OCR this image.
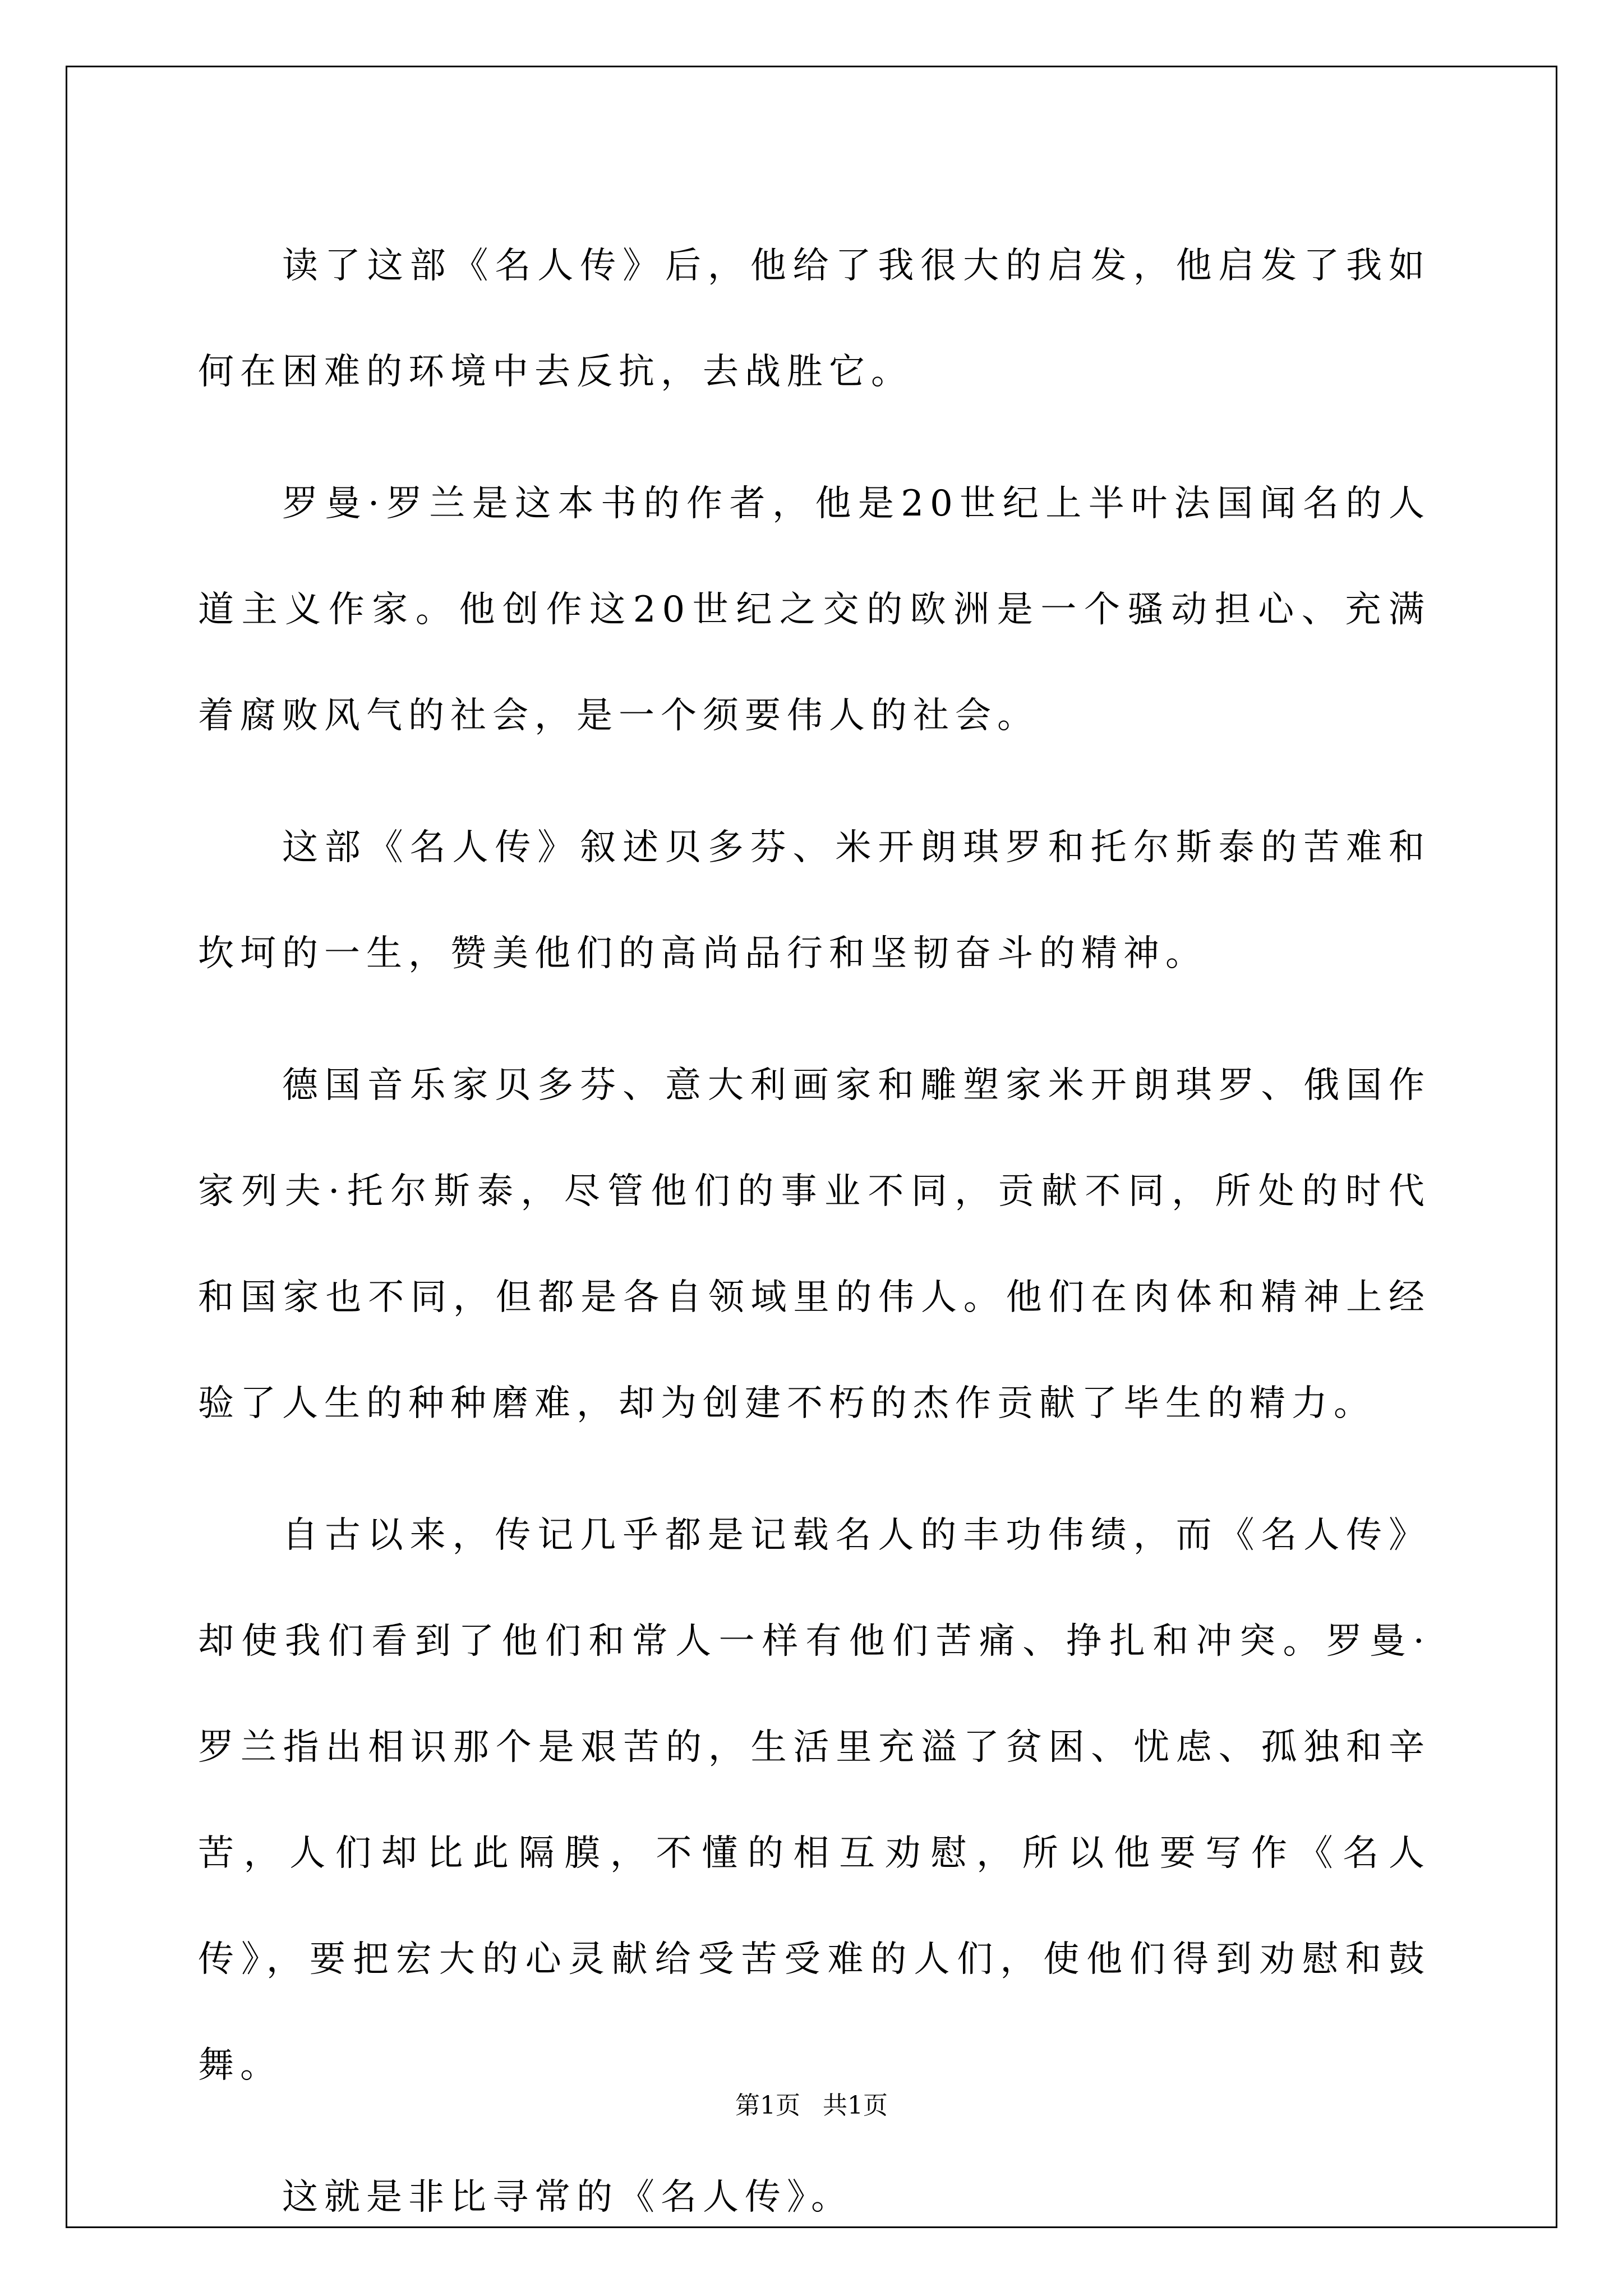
读了这部《名人传》后，他给了我很大的启发，他启发了我如何在困难的环境中去反抗，去战胜它。

罗曼·罗兰是这本书的作者，他是20世纪上半叶法国闻名的人道主义作家。他创作这20世纪之交的欧洲是一个骚动担心、充满着腐败风气的社会，是一个须要伟人的社会。

这部《名人传》叙述贝多芬、米开朗琪罗和托尔斯泰的苦难和坎坷的一生，赞美他们的高尚品行和坚韧奋斗的精神。

德国音乐家贝多芬、意大利画家和雕塑家米开朗琪罗、俄国作家列夫·托尔斯泰，尽管他们的事业不同，贡献不同，所处的时代和国家也不同，但都是各自领域里的伟人。他们在肉体和精神上经验了人生的种种磨难，却为创建不朽的杰作贡献了毕生的精力。

自古以来，传记几乎都是记载名人的丰功伟绩，而《名人传》却使我们看到了他们和常人一样有他们苦痛、挣扎和冲突。罗曼·罗兰指出相识那个是艰苦的，生活里充溢了贫困、忧虑、孤独和辛苦，人们却比此隔膜，不懂的相互劝慰，所以他要写作《名人传》，要把宏大的心灵献给受苦受难的人们，使他们得到劝慰和鼓舞。

这就是非比寻常的《名人传》。

第1页 共1页
